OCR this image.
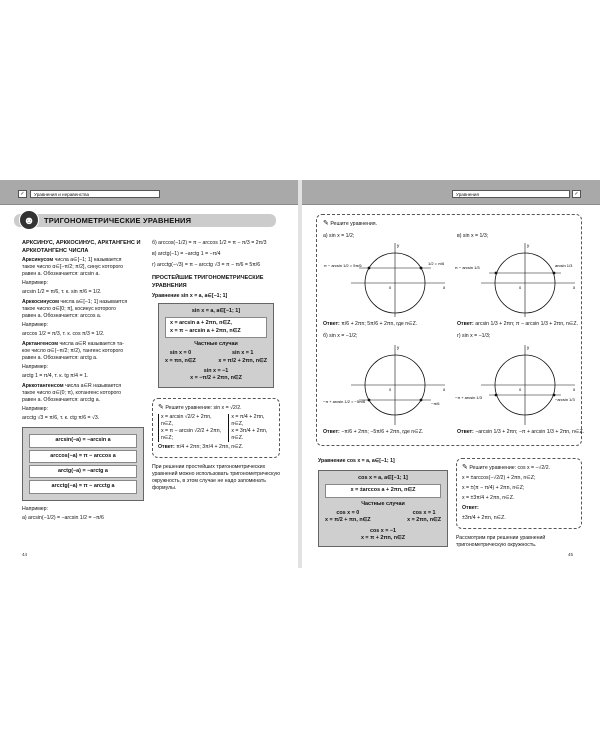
✓	Уравнения и неравенства	Уравнения	✓
ТРИГОНОМЕТРИЧЕСКИЕ УРАВНЕНИЯ
☻

АРКСИНУС, АРККОСИНУС, АРКТАНГЕНС И АРККОТАНГЕНС ЧИСЛА

Арксинусом числа a∈[−1; 1] называется
такое число α∈[−π/2; π/2], синус которого
равен a. Обозначается: arcsin a.

Например:

arcsin 1/2 = π/6, т. к. sin π/6 = 1/2.

Арккосинусом числа a∈[−1; 1] называется
такое число α∈[0; π], косинус которого
равен a. Обозначается: arccos a.

Например:

arccos 1/2 = π/3, т. к. cos π/3 = 1/2.

Арктангенсом числа a∈R называется та-
кое число α∈(−π/2; π/2), тангенс которого
равен a. Обозначается: arctg a.

Например:

arctg 1 = π/4, т. к. tg π/4 = 1.

Арккотангенсом числа a∈R называется
такое число α∈(0; π), котангенс которого
равен a. Обозначается: arcctg a.

Например:

arcctg √3 = π/6, т. к. ctg π/6 = √3.

arcsin(−a) = −arcsin a
arccos(−a) = π − arccos a
arctg(−a) = −arctg a
arcctg(−a) = π − arcctg a

Например:

а) arcsin(−1/2) = −arcsin 1/2 = −π/6

44

б) arccos(−1/2) = π − arccos 1/2 = π − π/3 = 2π/3

в) arctg(−1) = −arctg 1 = −π/4

г) arcctg(−√3) = π − arcctg √3 = π − π/6 = 5π/6

ПРОСТЕЙШИЕ ТРИГОНОМЕТРИЧЕСКИЕ УРАВНЕНИЯ

Уравнение sin x = a, a∈[−1; 1]

sin x = a, a∈[−1; 1]
x = arcsin a + 2πn, n∈Z,
x = π − arcsin a + 2πn, n∈Z
Частные случаи
sin x = 0
x = πn, n∈Z
sin x = 1
x = π/2 + 2πn, n∈Z
sin x = −1
x = −π/2 + 2πn, n∈Z

✎ Решите уравнение: sin x = √2/2.

x = arcsin √2/2 + 2πn, n∈Z,
x = π − arcsin √2/2 + 2πn, n∈Z;
x = π/4 + 2πn, n∈Z,
x = 3π/4 + 2πn, n∈Z.

Ответ: π/4 + 2πn; 3π/4 + 2πn, n∈Z.

При решении простейших тригонометрических уравнений можно использовать тригонометрическую окружность, в этом случае не надо запоминать формулы.

✎ Решите уравнения.

а) sin x = 1/2;

π − arcsin 1/2 = 5π/6	1/2 = π/6
x
y
0

Ответ: π/6 + 2πn; 5π/6 + 2πn, где n∈Z.

в) sin x = 1/3;

π − arcsin 1/3	arcsin 1/3
x
y
0

Ответ: arcsin 1/3 + 2πn; π − arcsin 1/3 + 2πn, n∈Z.

б) sin x = −1/2;

−π + arcsin 1/2 = −5π/6	−π/6
x
y
0

Ответ: −π/6 + 2πn; −5π/6 + 2πn, где n∈Z.

г) sin x = −1/3;

−π + arcsin 1/3	−arcsin 1/3
x
y
0

Ответ: −arcsin 1/3 + 2πn; −π + arcsin 1/3 + 2πn, n∈Z.

Уравнение cos x = a, a∈[−1; 1]

cos x = a, a∈[−1; 1]
x = ±arccos a + 2πn, n∈Z
Частные случаи
cos x = 0
x = π/2 + πn, n∈Z
cos x = 1
x = 2πn, n∈Z
cos x = −1
x = π + 2πn, n∈Z

✎ Решите уравнение: cos x = −√2/2.

x = ±arccos(−√2/2) + 2πn, n∈Z;

x = ±(π − π/4) + 2πn, n∈Z;

x = ±3π/4 + 2πn, n∈Z.

Ответ:

±3π/4 + 2πn, n∈Z.

Рассмотрим при решении уравнений тригонометрическую окружность.

45
